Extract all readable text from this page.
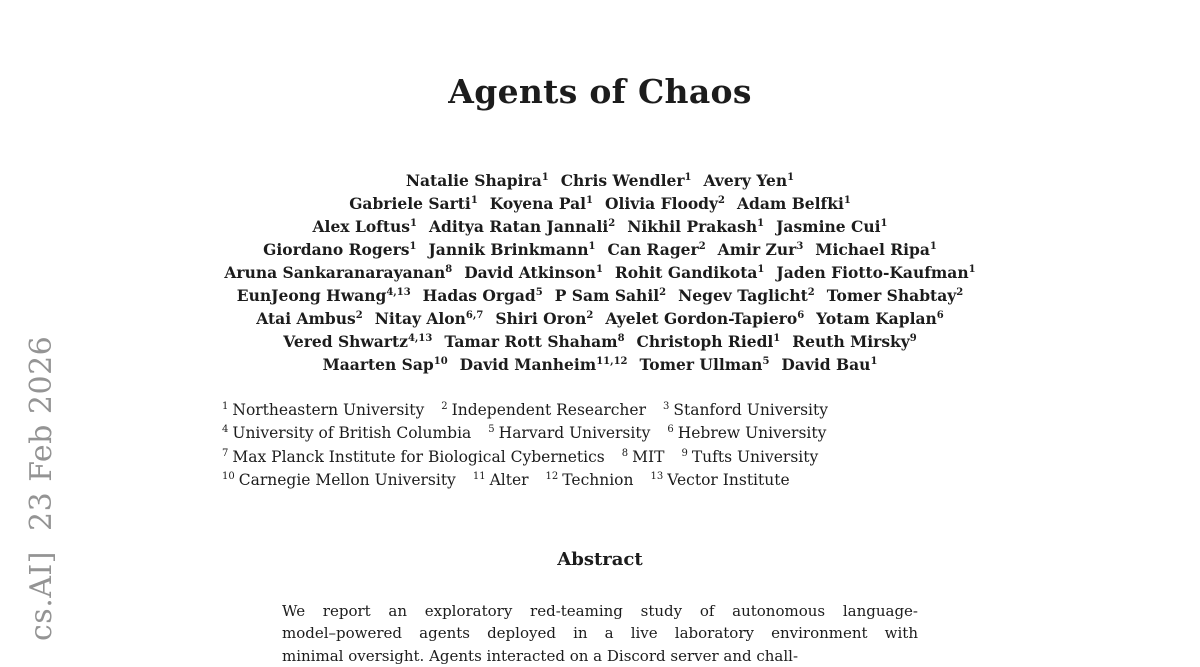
cs.AI]  23 Feb 2026
Agents of Chaos
Natalie Shapira$^1$ Chris Wendler$^1$ Avery Yen$^1$
Gabriele Sarti$^1$ Koyena Pal$^1$ Olivia Floody$^2$ Adam Belfki$^1$
Alex Loftus$^1$ Aditya Ratan Jannali$^2$ Nikhil Prakash$^1$ Jasmine Cui$^1$
Giordano Rogers$^1$ Jannik Brinkmann$^1$ Can Rager$^2$ Amir Zur$^3$ Michael Ripa$^1$
Aruna Sankaranarayanan$^8$ David Atkinson$^1$ Rohit Gandikota$^1$ Jaden Fiotto-Kaufman$^1$
EunJeong Hwang$^{4,13}$ Hadas Orgad$^5$ P Sam Sahil$^2$ Negev Taglicht$^2$ Tomer Shabtay$^2$
Atai Ambus$^2$ Nitay Alon$^{6,7}$ Shiri Oron$^2$ Ayelet Gordon-Tapiero$^6$ Yotam Kaplan$^6$
Vered Shwartz$^{4,13}$ Tamar Rott Shaham$^8$ Christoph Riedl$^1$ Reuth Mirsky$^9$
Maarten Sap$^{10}$ David Manheim$^{11,12}$ Tomer Ullman$^5$ David Bau$^1$
$^1$ Northeastern University $^2$ Independent Researcher $^3$ Stanford University
$^4$ University of British Columbia $^5$ Harvard University $^6$ Hebrew University
$^7$ Max Planck Institute for Biological Cybernetics $^8$ MIT $^9$ Tufts University
$^{10}$ Carnegie Mellon University $^{11}$ Alter $^{12}$ Technion $^{13}$ Vector Institute
Abstract
We report an exploratory red-teaming study of autonomous language-
model–powered agents deployed in a live laboratory environment with
minimal oversight. Agents interacted on a Discord server and chall-
